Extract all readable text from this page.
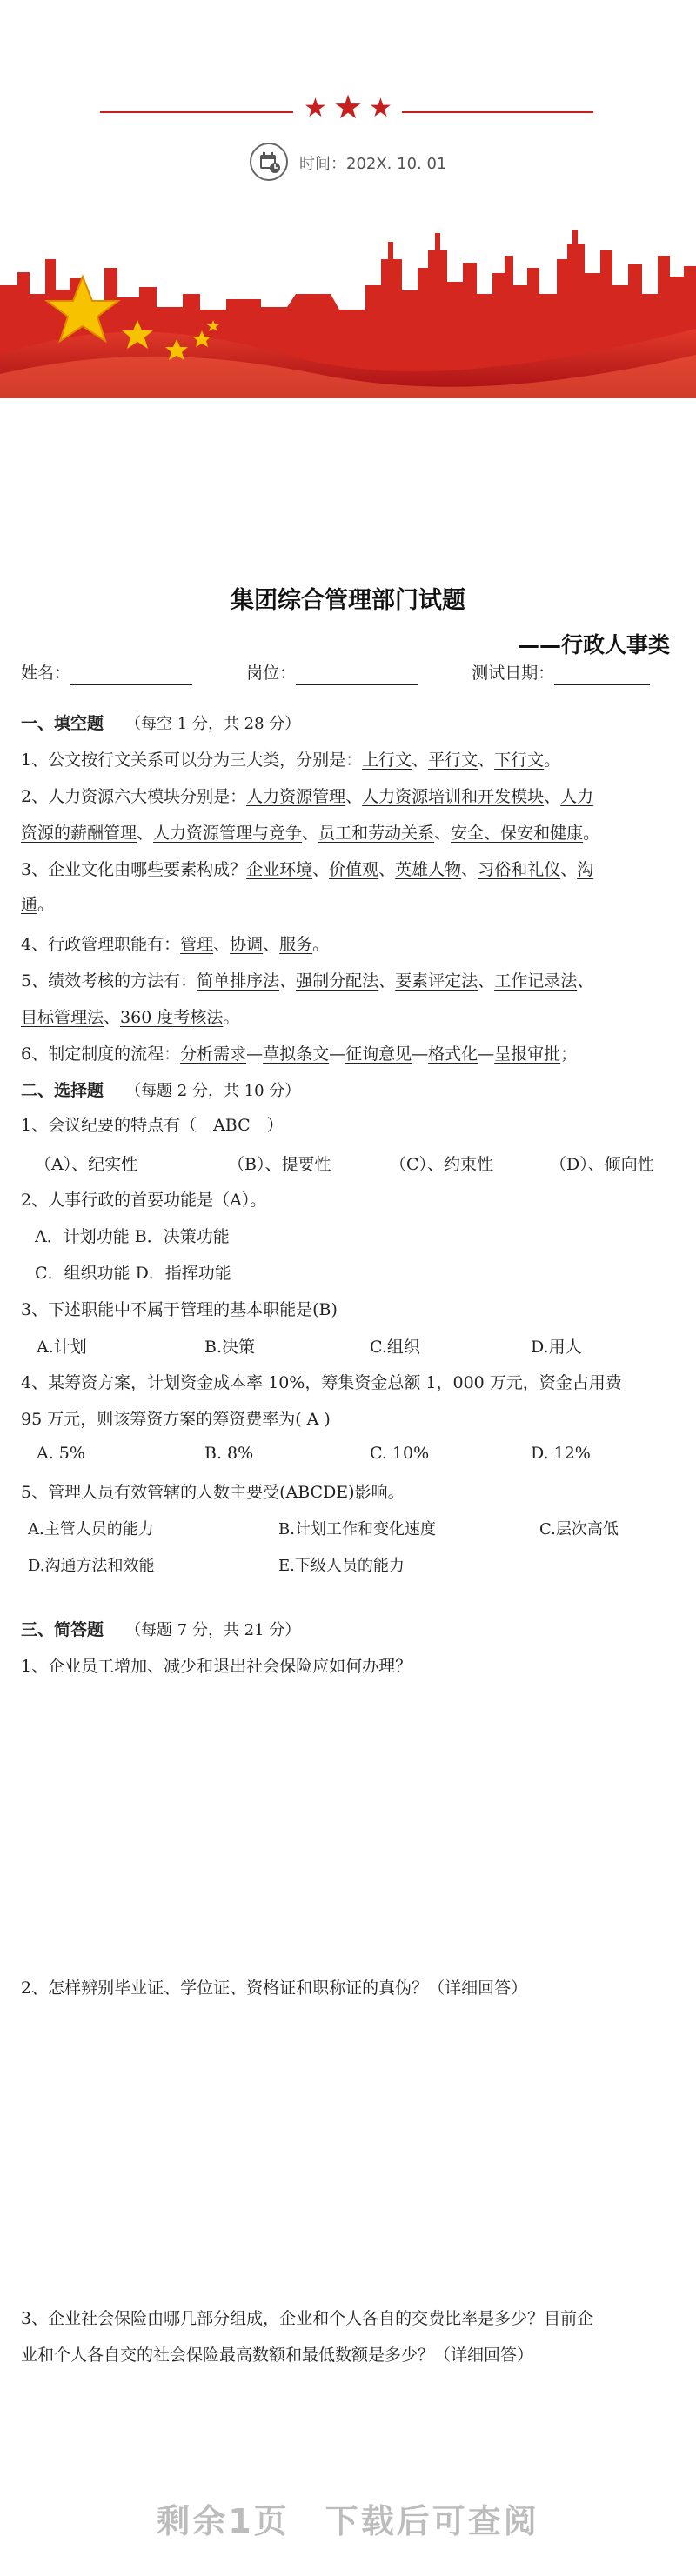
★ ★ ★
时间：202X. 10. 01
集团综合管理部门试题
——行政人事类
姓名：	岗位：	测试日期：
一、填空题　 （每空 1 分，共 28 分）
1、公文按行文关系可以分为三大类，分别是：上行文、平行文、下行文。
2、人力资源六大模块分别是：人力资源管理、人力资源培训和开发模块、人力
资源的薪酬管理、人力资源管理与竞争、员工和劳动关系、安全、保安和健康。
3、企业文化由哪些要素构成？企业环境、价值观、英雄人物、习俗和礼仪、沟
通。
4、行政管理职能有：管理、协调、服务。
5、绩效考核的方法有：简单排序法、强制分配法、要素评定法、工作记录法、
目标管理法、360 度考核法。
6、制定制度的流程：分析需求—草拟条文—征询意见—格式化—呈报审批；
二、选择题　 （每题 2 分，共 10 分）
1、会议纪要的特点有（　ABC　）
（A）、纪实性	（B）、提要性	（C）、约束性	（D）、倾向性
2、人事行政的首要功能是（A）。
A．计划功能 B．决策功能
C．组织功能 D．指挥功能
3、下述职能中不属于管理的基本职能是(B)
A.计划	B.决策	C.组织	D.用人
4、某筹资方案，计划资金成本率 10%，筹集资金总额 1，000 万元，资金占用费
95 万元，则该筹资方案的筹资费率为( A )
A. 5%	B. 8%	C. 10%	D. 12%
5、管理人员有效管辖的人数主要受(ABCDE)影响。
A.主管人员的能力	B.计划工作和变化速度	C.层次高低
D.沟通方法和效能	E.下级人员的能力
三、简答题　 （每题 7 分，共 21 分）
1、企业员工增加、减少和退出社会保险应如何办理？
2、怎样辨别毕业证、学位证、资格证和职称证的真伪？（详细回答）
3、企业社会保险由哪几部分组成，企业和个人各自的交费比率是多少？目前企
业和个人各自交的社会保险最高数额和最低数额是多少？（详细回答）
剩余1页　下载后可查阅
